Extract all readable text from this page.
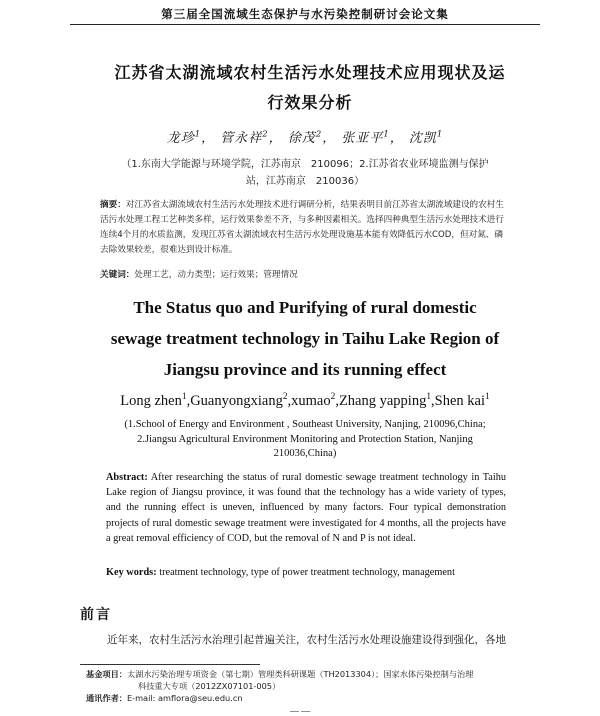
第三届全国流域生态保护与水污染控制研讨会论文集
江苏省太湖流域农村生活污水处理技术应用现状及运
行效果分析
龙珍$^1$， 管永祥$^2$， 徐茂$^2$， 张亚平$^1$， 沈凯$^1$
（1.东南大学能源与环境学院，江苏南京　210096；2.江苏省农业环境监测与保护
站，江苏南京　210036）
摘要：对江苏省太湖流域农村生活污水处理技术进行调研分析，结果表明目前江苏省太湖流域建设的农村生活污水处理工程工艺种类多样，运行效果参差不齐，与多种因素相关。选择四种典型生活污水处理技术进行连续4个月的水质监测，发现江苏省太湖流域农村生活污水处理设施基本能有效降低污水COD，但对氮、磷去除效果较差，很难达到设计标准。
关键词：处理工艺，动力类型；运行效果；管理情况
The Status quo and Purifying of rural domestic
sewage treatment technology in Taihu Lake Region of
Jiangsu province and its running effect
Long zhen$^1$,Guanyongxiang$^2$,xumao$^2$,Zhang yapping$^1$,Shen kai$^1$
(1.School of Energy and Environment , Southeast University, Nanjing, 210096,China;
2.Jiangsu Agricultural Environment Monitoring and Protection Station, Nanjing
210036,China)
Abstract: After researching the status of rural domestic sewage treatment technology in Taihu Lake region of Jiangsu province, it was found that the technology has a wide variety of types, and the running effect is uneven, influenced by many factors. Four typical demonstration projects of rural domestic sewage treatment were investigated for 4 months, all the projects have a great removal efficiency of COD, but the removal of N and P is not ideal.
Key words: treatment technology, type of power treatment technology, management
前言
近年来，农村生活污水治理引起普遍关注，农村生活污水处理设施建设得到强化，各地
基金项目：太湖水污染治理专项资金（第七期）管理类科研课题（TH2013304）；国家水体污染控制与治理
科技重大专项（2012ZX07101-005）
通讯作者：E-mail: amflora@seu.edu.cn
— —
